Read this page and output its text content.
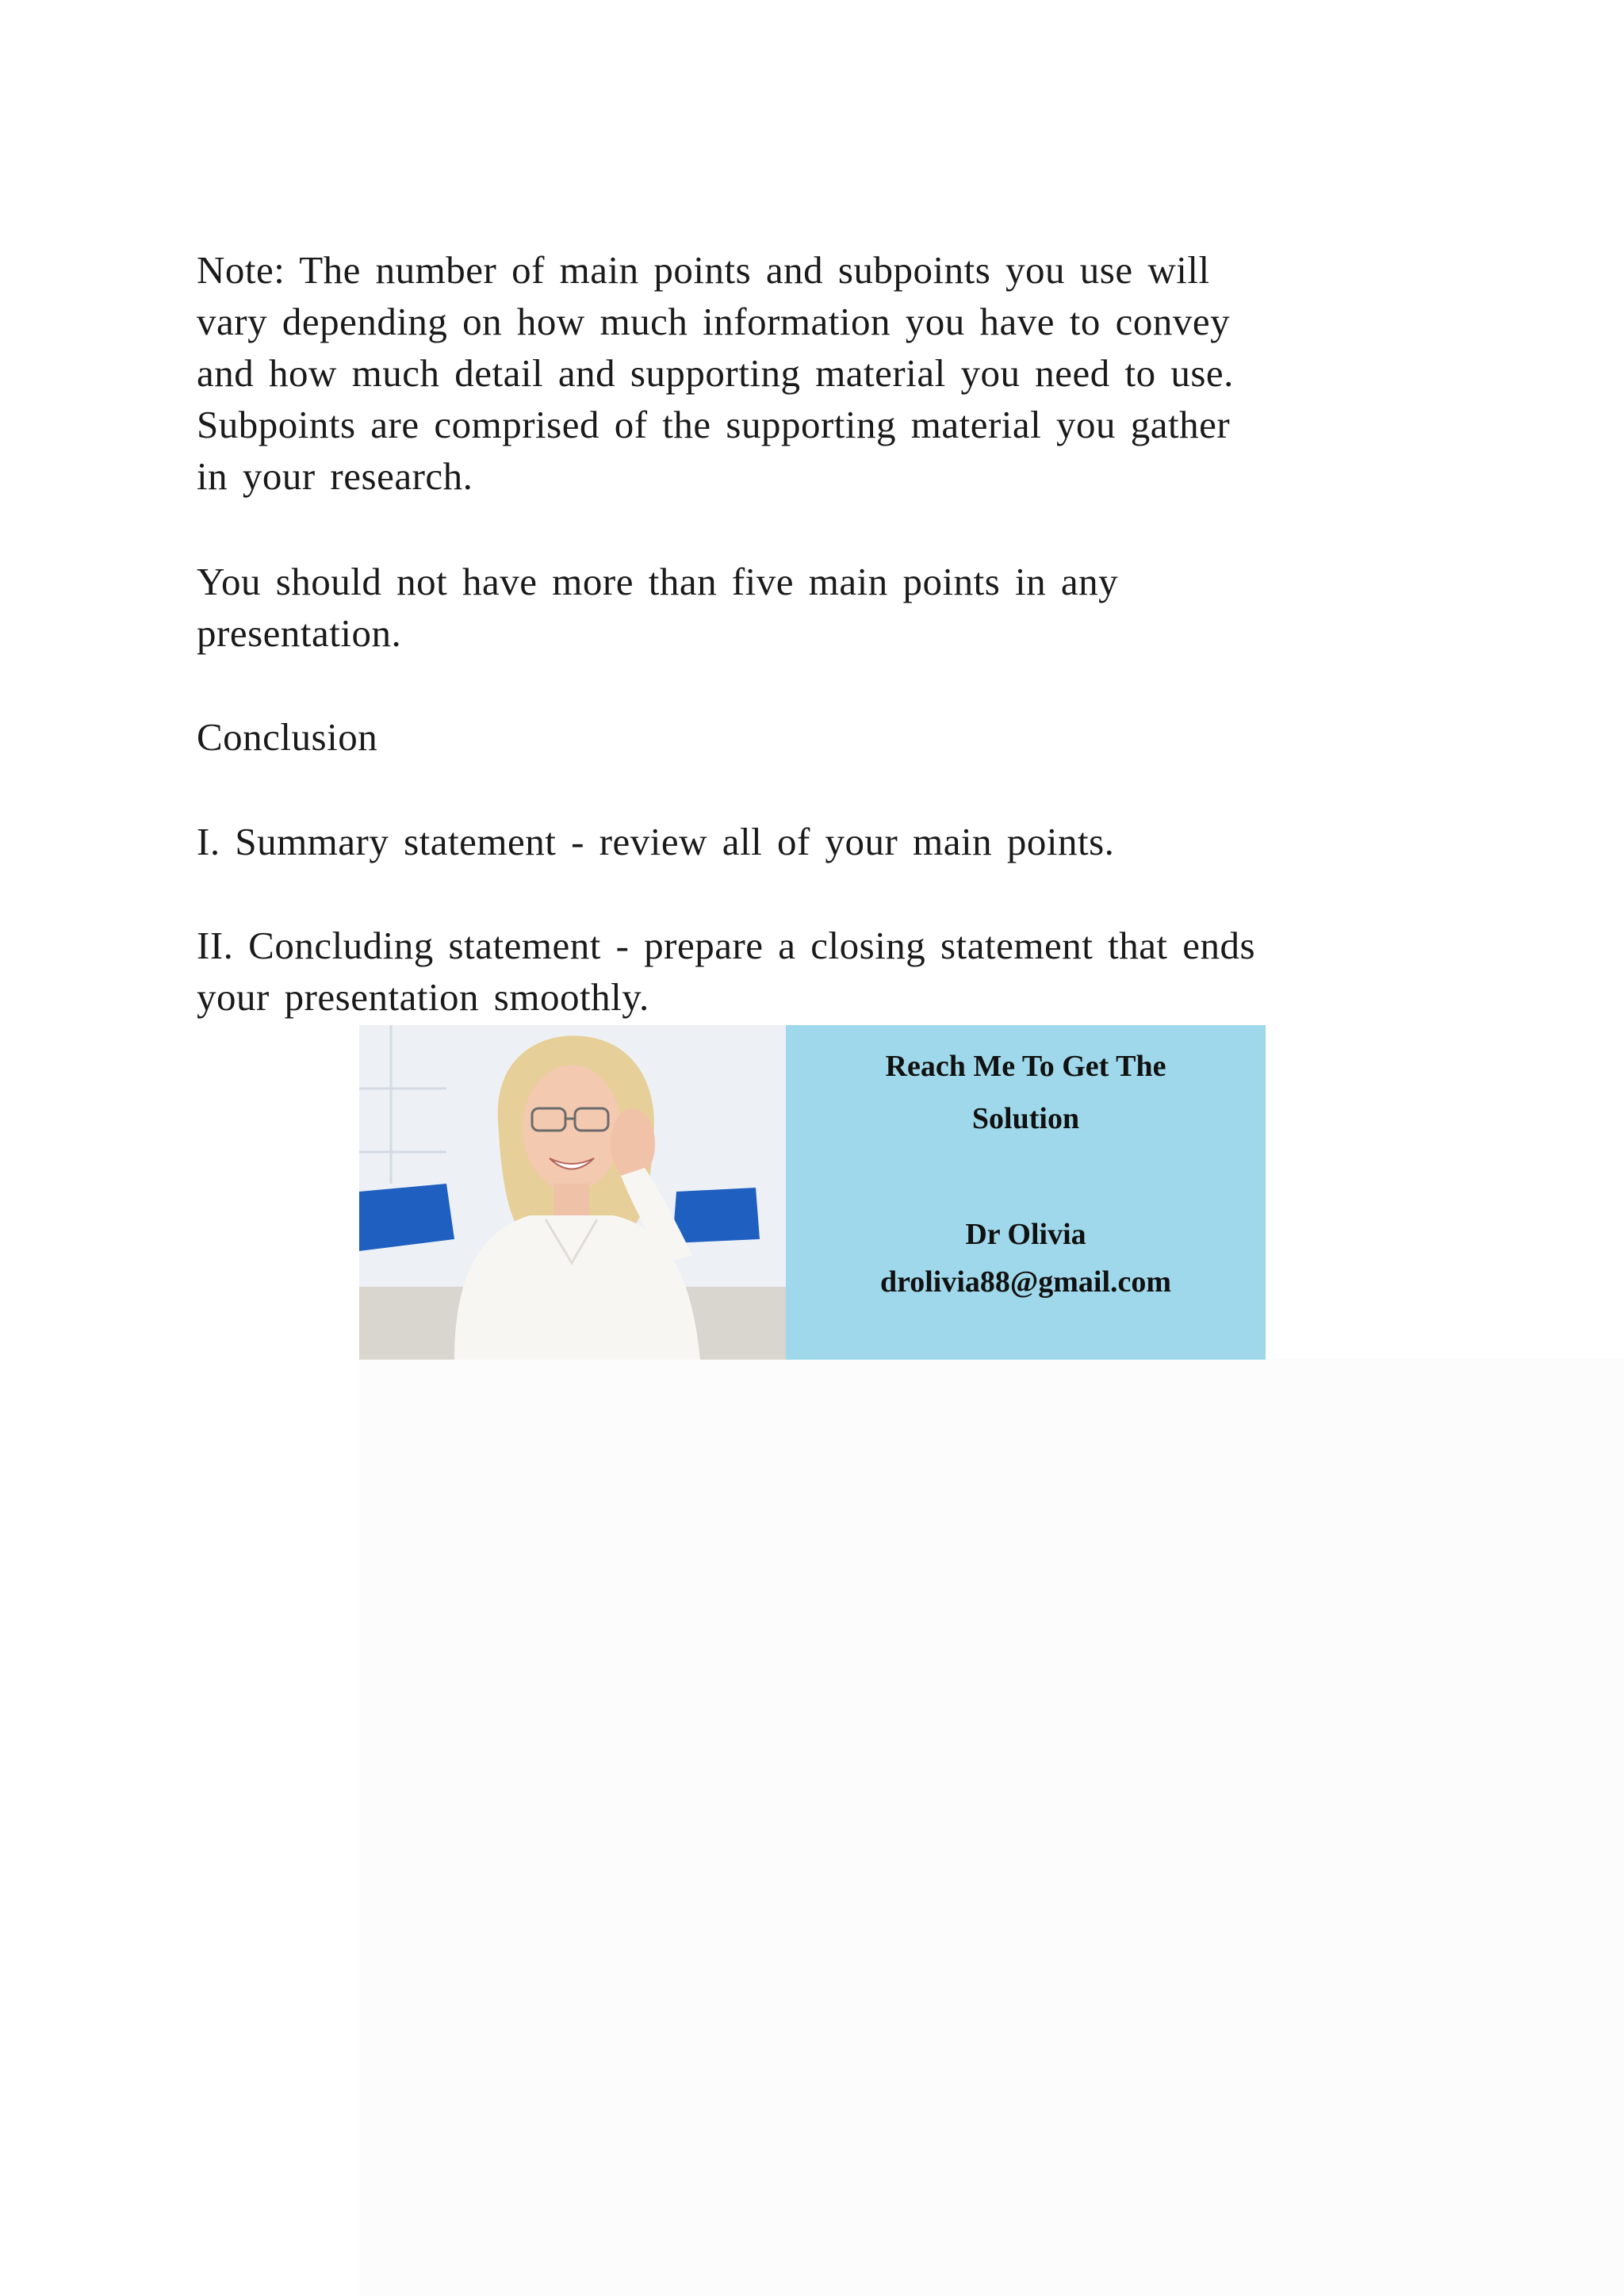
Note: The number of main points and subpoints you use will
vary depending on how much information you have to convey
and how much detail and supporting material you need to use.
Subpoints are comprised of the supporting material you gather
in your research.
You should not have more than five main points in any
presentation.
Conclusion
I. Summary statement - review all of your main points.
II. Concluding statement - prepare a closing statement that ends
your presentation smoothly.
Reach Me To Get The
Solution
Dr Olivia
drolivia88@gmail.com
